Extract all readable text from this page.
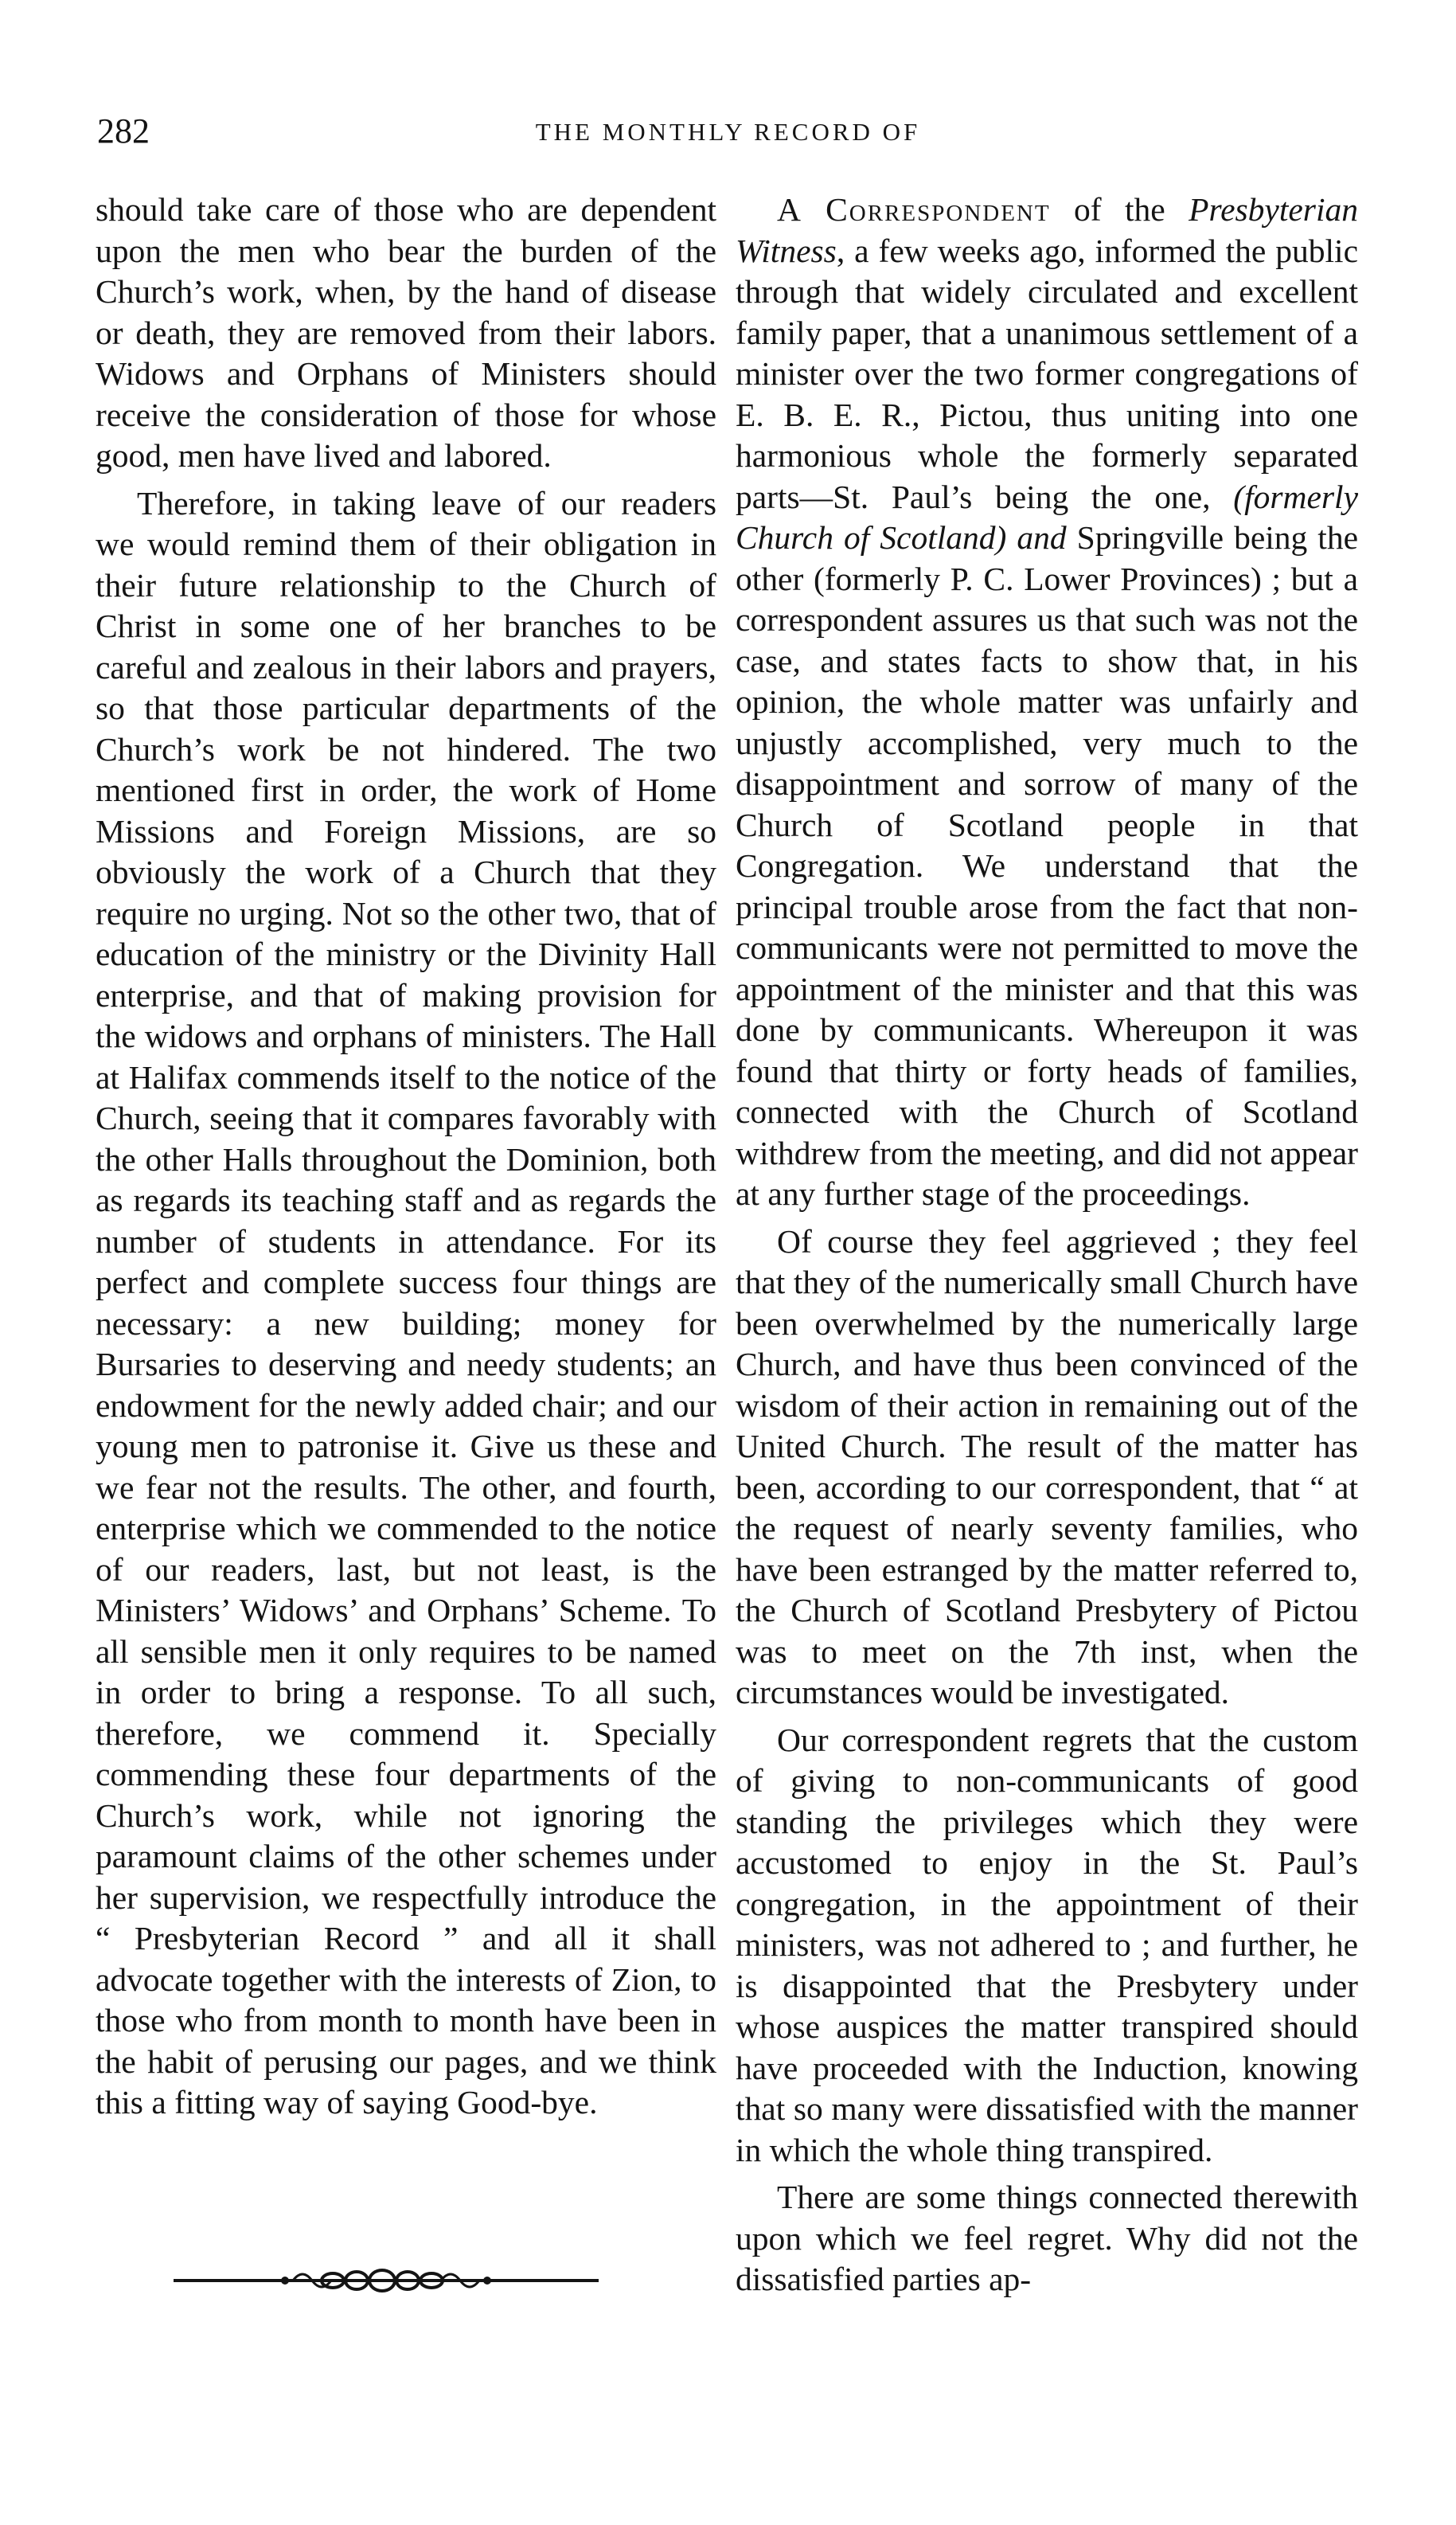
282	THE MONTHLY RECORD OF

should take care of those who are dependent upon the men who bear the burden of the Church’s work, when, by the hand of disease or death, they are removed from their labors. Widows and Orphans of Ministers should receive the consideration of those for whose good, men have lived and labored.

Therefore, in taking leave of our readers we would remind them of their obligation in their future relationship to the Church of Christ in some one of her branches to be careful and zealous in their labors and prayers, so that those particular departments of the Church’s work be not hindered. The two mentioned first in order, the work of Home Missions and Foreign Missions, are so obviously the work of a Church that they require no urging. Not so the other two, that of education of the ministry or the Divinity Hall enterprise, and that of making provision for the widows and orphans of ministers. The Hall at Halifax commends itself to the notice of the Church, seeing that it compares favorably with the other Halls throughout the Dominion, both as regards its teaching staff and as regards the number of students in attendance. For its perfect and complete success four things are necessary: a new building; money for Bursaries to deserving and needy students; an endowment for the newly added chair; and our young men to patronise it. Give us these and we fear not the results. The other, and fourth, enterprise which we commended to the notice of our readers, last, but not least, is the Ministers’ Widows’ and Orphans’ Scheme. To all sensible men it only requires to be named in order to bring a response. To all such, therefore, we commend it. Specially commending these four departments of the Church’s work, while not ignoring the paramount claims of the other schemes under her supervision, we respectfully introduce the “ Presbyterian Record ” and all it shall advocate together with the interests of Zion, to those who from month to month have been in the habit of perusing our pages, and we think this a fitting way of saying Good-bye.

A Correspondent of the Presbyterian Witness, a few weeks ago, informed the public through that widely circulated and excellent family paper, that a unanimous settlement of a minister over the two former congregations of E. B. E. R., Pictou, thus uniting into one harmonious whole the formerly separated parts—St. Paul’s being the one, (formerly Church of Scotland) and Springville being the other (formerly P. C. Lower Provinces) ; but a correspondent assures us that such was not the case, and states facts to show that, in his opinion, the whole matter was unfairly and unjustly accomplished, very much to the disappointment and sorrow of many of the Church of Scotland people in that Congregation. We understand that the principal trouble arose from the fact that non-communicants were not permitted to move the appointment of the minister and that this was done by communicants. Whereupon it was found that thirty or forty heads of families, connected with the Church of Scotland withdrew from the meeting, and did not appear at any further stage of the proceedings.

Of course they feel aggrieved ; they feel that they of the numerically small Church have been overwhelmed by the numerically large Church, and have thus been convinced of the wisdom of their action in remaining out of the United Church. The result of the matter has been, according to our correspondent, that “ at the request of nearly seventy families, who have been estranged by the matter referred to, the Church of Scotland Presbytery of Pictou was to meet on the 7th inst, when the circumstances would be investigated.

Our correspondent regrets that the custom of giving to non-communicants of good standing the privileges which they were accustomed to enjoy in the St. Paul’s congregation, in the appointment of their ministers, was not adhered to ; and further, he is disappointed that the Presbytery under whose auspices the matter transpired should have proceeded with the Induction, knowing that so many were dissatisfied with the manner in which the whole thing transpired.

There are some things connected therewith upon which we feel regret. Why did not the dissatisfied parties ap-
